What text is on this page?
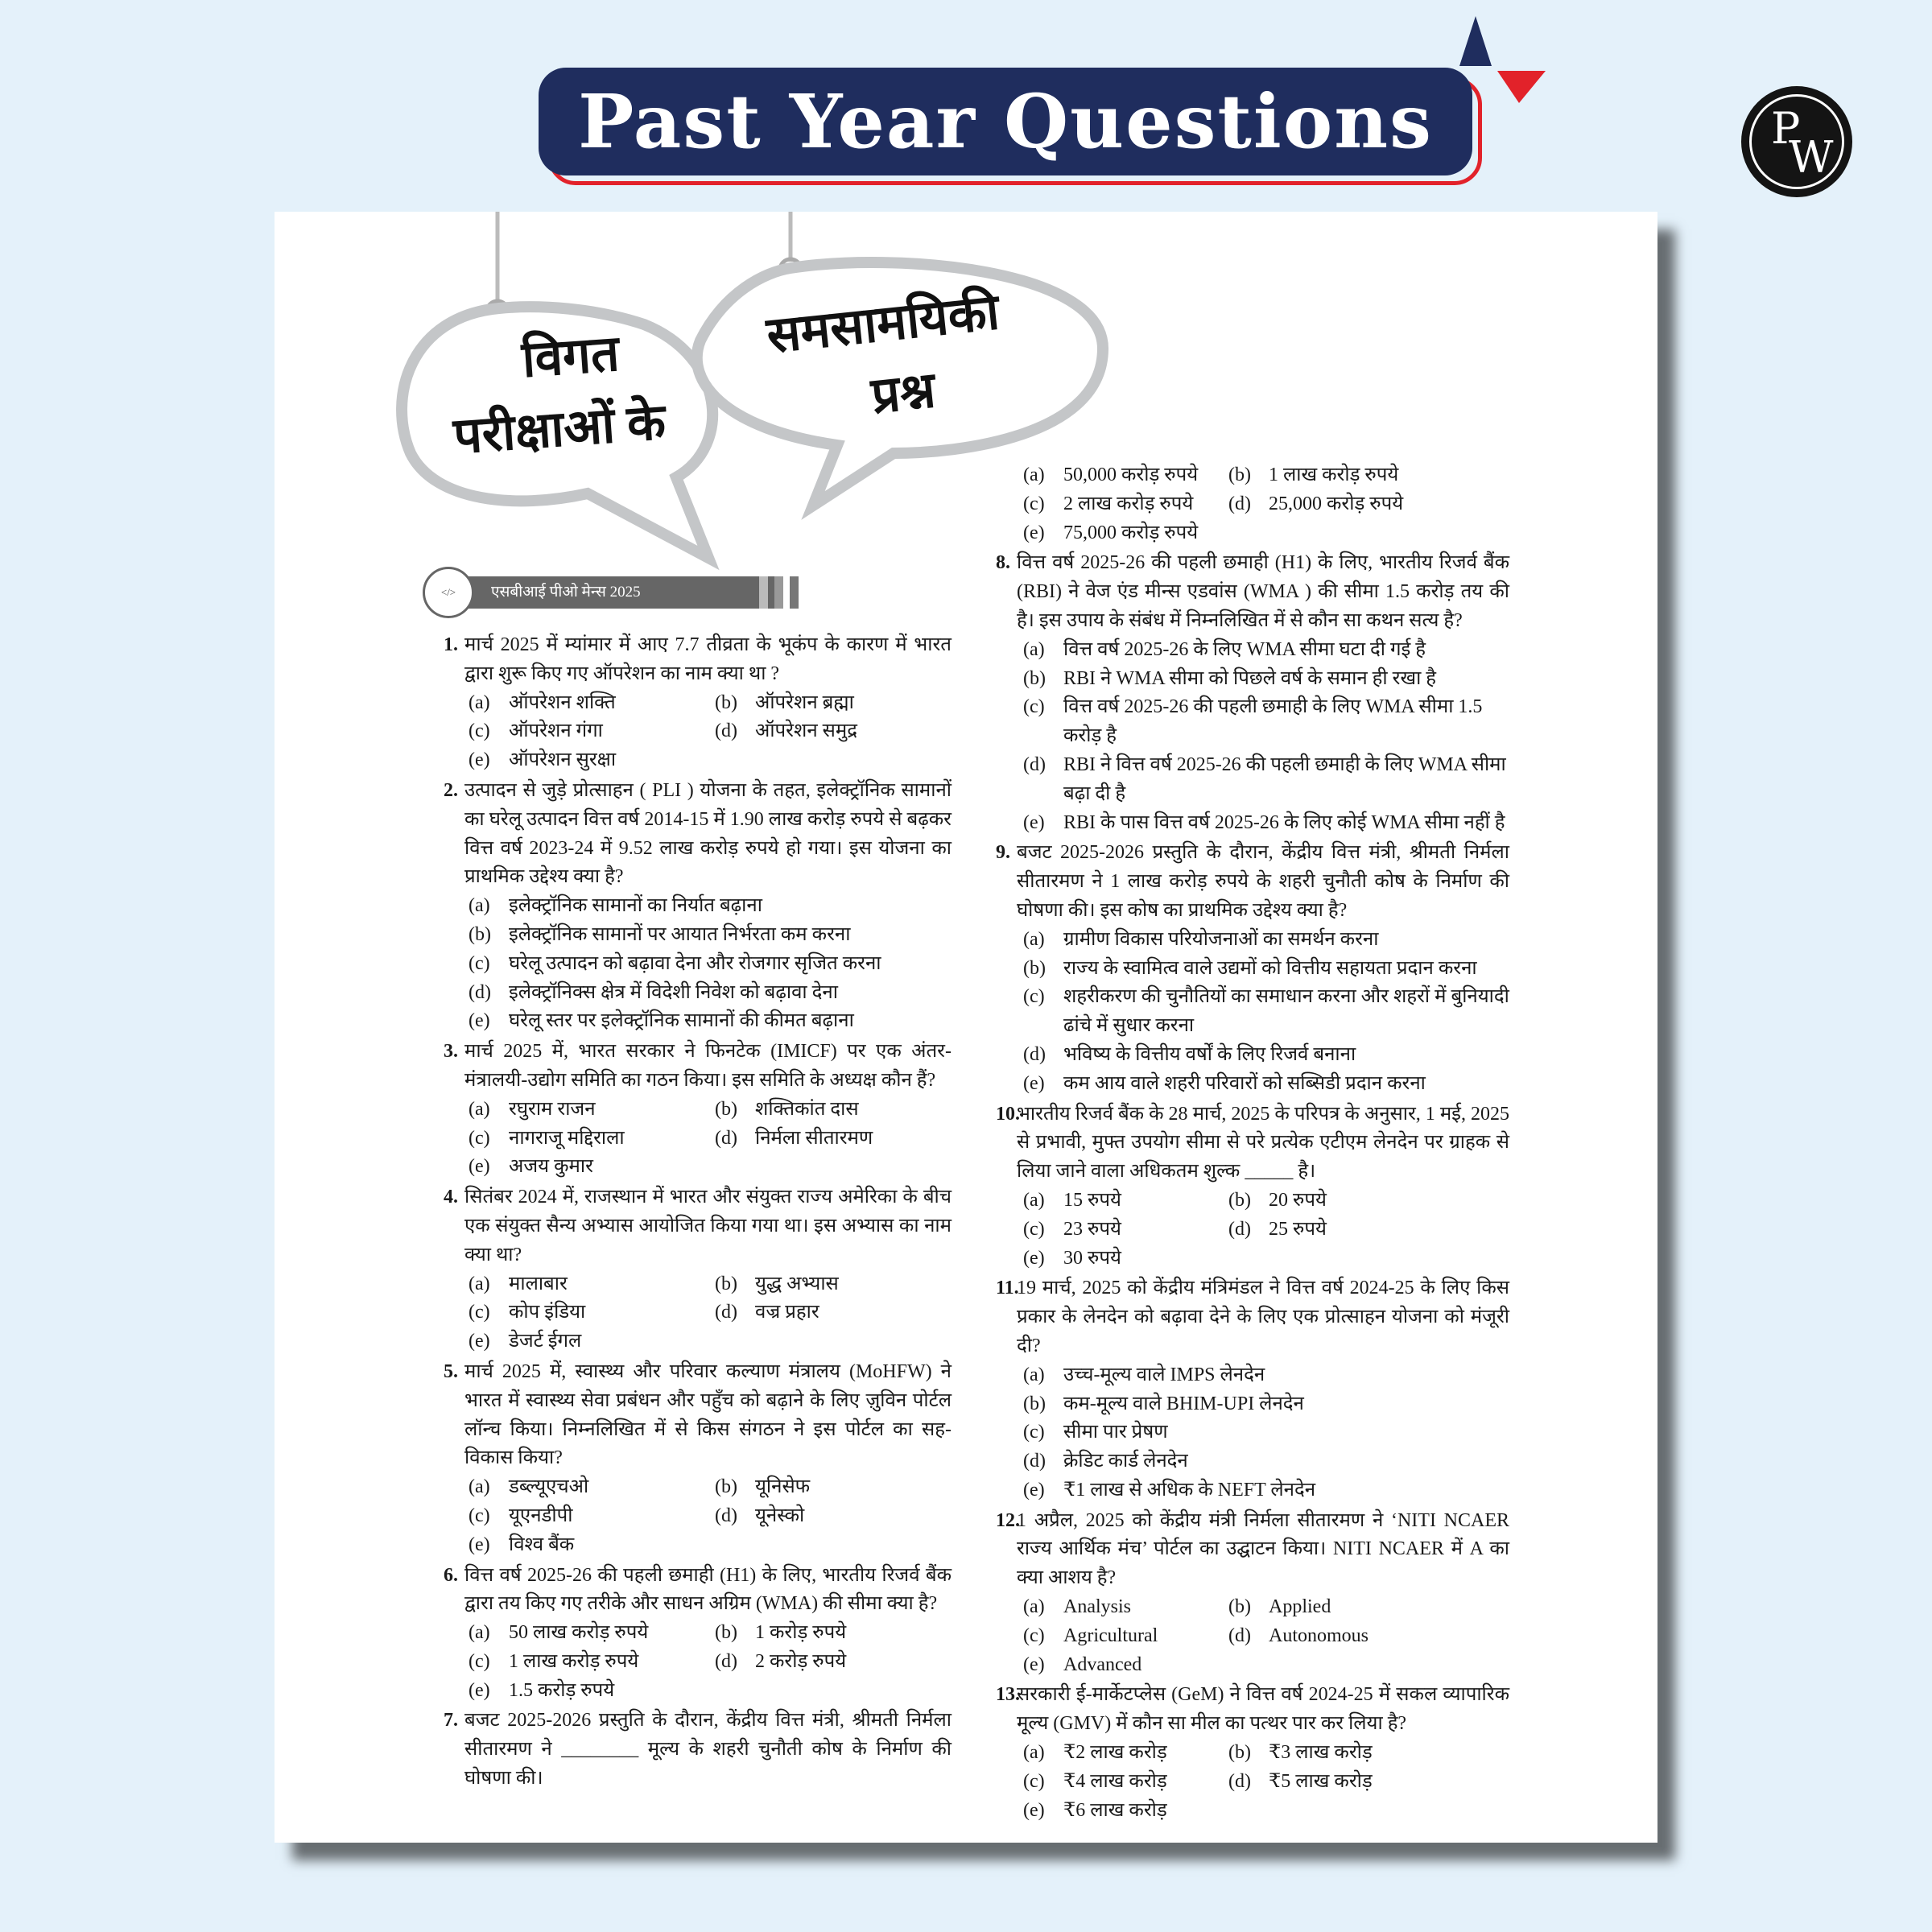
Past Year Questions	P
W
विगत
परीक्षाओं के
समसामयिकी
प्रश्न
एसबीआई पीओ मेन्स 2025
</>
1. मार्च 2025 में म्यांमार में आए 7.7 तीव्रता के भूकंप के कारण में भारत द्वारा शुरू किए गए ऑपरेशन का नाम क्या था ?
(a) ऑपरेशन शक्ति	(b) ऑपरेशन ब्रह्मा
(c) ऑपरेशन गंगा	(d) ऑपरेशन समुद्र
(e) ऑपरेशन सुरक्षा
2. उत्पादन से जुड़े प्रोत्साहन ( PLI ) योजना के तहत, इलेक्ट्रॉनिक सामानों का घरेलू उत्पादन वित्त वर्ष 2014-15 में 1.90 लाख करोड़ रुपये से बढ़कर वित्त वर्ष 2023-24 में 9.52 लाख करोड़ रुपये हो गया। इस योजना का प्राथमिक उद्देश्य क्या है?
(a) इलेक्ट्रॉनिक सामानों का निर्यात बढ़ाना
(b) इलेक्ट्रॉनिक सामानों पर आयात निर्भरता कम करना
(c) घरेलू उत्पादन को बढ़ावा देना और रोजगार सृजित करना
(d) इलेक्ट्रॉनिक्स क्षेत्र में विदेशी निवेश को बढ़ावा देना
(e) घरेलू स्तर पर इलेक्ट्रॉनिक सामानों की कीमत बढ़ाना
3. मार्च 2025 में, भारत सरकार ने फिनटेक (IMICF) पर एक अंतर-मंत्रालयी-उद्योग समिति का गठन किया। इस समिति के अध्यक्ष कौन हैं?
(a) रघुराम राजन	(b) शक्तिकांत दास
(c) नागराजू मद्दिराला	(d) निर्मला सीतारमण
(e) अजय कुमार
4. सितंबर 2024 में, राजस्थान में भारत और संयुक्त राज्य अमेरिका के बीच एक संयुक्त सैन्य अभ्यास आयोजित किया गया था। इस अभ्यास का नाम क्या था?
(a) मालाबार	(b) युद्ध अभ्यास
(c) कोप इंडिया	(d) वज्र प्रहार
(e) डेजर्ट ईगल
5. मार्च 2025 में, स्वास्थ्य और परिवार कल्याण मंत्रालय (MoHFW) ने भारत में स्वास्थ्य सेवा प्रबंधन और पहुँच को बढ़ाने के लिए ज़ुविन पोर्टल लॉन्च किया। निम्नलिखित में से किस संगठन ने इस पोर्टल का सह-विकास किया?
(a) डब्ल्यूएचओ	(b) यूनिसेफ
(c) यूएनडीपी	(d) यूनेस्को
(e) विश्व बैंक
6. वित्त वर्ष 2025-26 की पहली छमाही (H1) के लिए, भारतीय रिजर्व बैंक द्वारा तय किए गए तरीके और साधन अग्रिम (WMA) की सीमा क्या है?
(a) 50 लाख करोड़ रुपये	(b) 1 करोड़ रुपये
(c) 1 लाख करोड़ रुपये	(d) 2 करोड़ रुपये
(e) 1.5 करोड़ रुपये
7. बजट 2025-2026 प्रस्तुति के दौरान, केंद्रीय वित्त मंत्री, श्रीमती निर्मला सीतारमण ने ________ मूल्य के शहरी चुनौती कोष के निर्माण की घोषणा की।
(a) 50,000 करोड़ रुपये	(b) 1 लाख करोड़ रुपये
(c) 2 लाख करोड़ रुपये	(d) 25,000 करोड़ रुपये
(e) 75,000 करोड़ रुपये
8. वित्त वर्ष 2025-26 की पहली छमाही (H1) के लिए, भारतीय रिजर्व बैंक (RBI) ने वेज एंड मीन्स एडवांस (WMA ) की सीमा 1.5 करोड़ तय की है। इस उपाय के संबंध में निम्नलिखित में से कौन सा कथन सत्य है?
(a) वित्त वर्ष 2025-26 के लिए WMA सीमा घटा दी गई है
(b) RBI ने WMA सीमा को पिछले वर्ष के समान ही रखा है
(c) वित्त वर्ष 2025-26 की पहली छमाही के लिए WMA सीमा 1.5 करोड़ है
(d) RBI ने वित्त वर्ष 2025-26 की पहली छमाही के लिए WMA सीमा बढ़ा दी है
(e) RBI के पास वित्त वर्ष 2025-26 के लिए कोई WMA सीमा नहीं है
9. बजट 2025-2026 प्रस्तुति के दौरान, केंद्रीय वित्त मंत्री, श्रीमती निर्मला सीतारमण ने 1 लाख करोड़ रुपये के शहरी चुनौती कोष के निर्माण की घोषणा की। इस कोष का प्राथमिक उद्देश्य क्या है?
(a) ग्रामीण विकास परियोजनाओं का समर्थन करना
(b) राज्य के स्वामित्व वाले उद्यमों को वित्तीय सहायता प्रदान करना
(c) शहरीकरण की चुनौतियों का समाधान करना और शहरों में बुनियादी ढांचे में सुधार करना
(d) भविष्य के वित्तीय वर्षों के लिए रिजर्व बनाना
(e) कम आय वाले शहरी परिवारों को सब्सिडी प्रदान करना
10.
भारतीय रिजर्व बैंक के 28 मार्च, 2025 के परिपत्र के अनुसार, 1 मई, 2025 से प्रभावी, मुफ्त उपयोग सीमा से परे प्रत्येक एटीएम लेनदेन पर ग्राहक से लिया जाने वाला अधिकतम शुल्क _____ है।
(a) 15 रुपये	(b) 20 रुपये
(c) 23 रुपये	(d) 25 रुपये
(e) 30 रुपये
11.
19 मार्च, 2025 को केंद्रीय मंत्रिमंडल ने वित्त वर्ष 2024-25 के लिए किस प्रकार के लेनदेन को बढ़ावा देने के लिए एक प्रोत्साहन योजना को मंजूरी दी?
(a) उच्च-मूल्य वाले IMPS लेनदेन
(b) कम-मूल्य वाले BHIM-UPI लेनदेन
(c) सीमा पार प्रेषण
(d) क्रेडिट कार्ड लेनदेन
(e) ₹1 लाख से अधिक के NEFT लेनदेन
12.
1 अप्रैल, 2025 को केंद्रीय मंत्री निर्मला सीतारमण ने ‘NITI NCAER राज्य आर्थिक मंच’ पोर्टल का उद्घाटन किया। NITI NCAER में A का क्या आशय है?
(a) Analysis	(b) Applied
(c) Agricultural	(d) Autonomous
(e) Advanced
13.
सरकारी ई-मार्केटप्लेस (GeM) ने वित्त वर्ष 2024-25 में सकल व्यापारिक मूल्य (GMV) में कौन सा मील का पत्थर पार कर लिया है?
(a) ₹2 लाख करोड़	(b) ₹3 लाख करोड़
(c) ₹4 लाख करोड़	(d) ₹5 लाख करोड़
(e) ₹6 लाख करोड़
